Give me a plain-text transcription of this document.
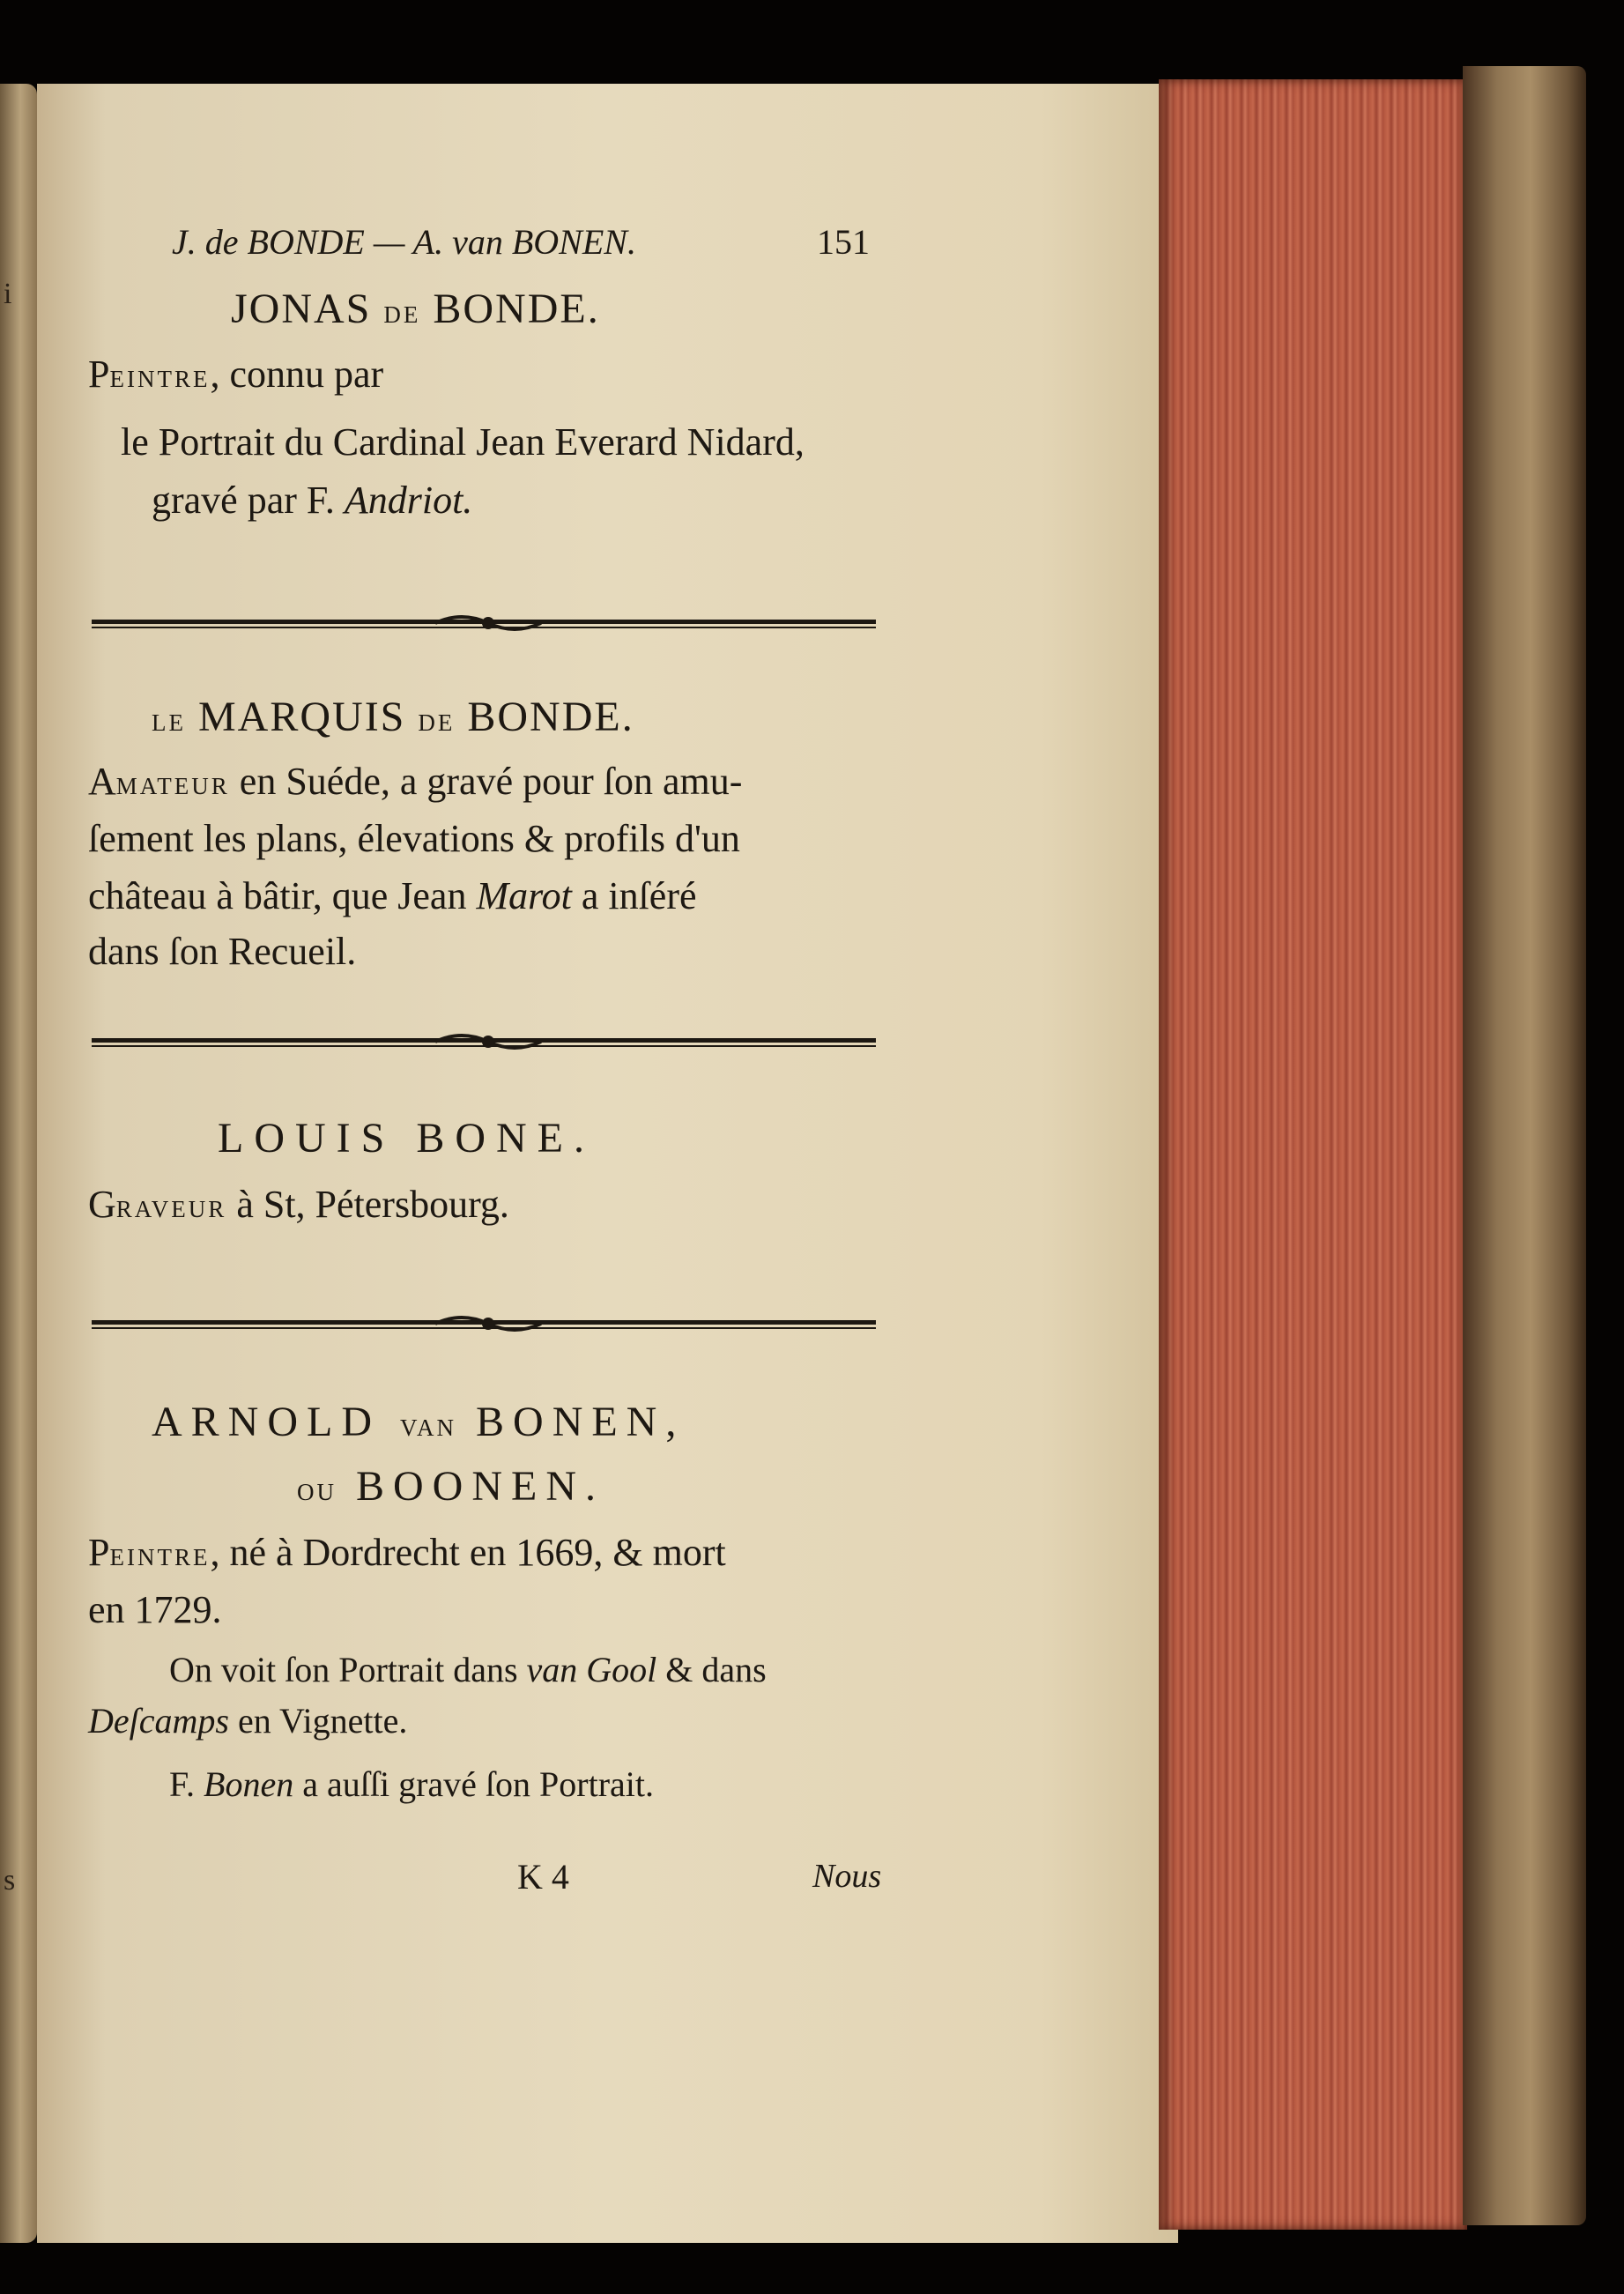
i
s
J. de BONDE — A. van BONEN.	151
JONAS DE BONDE.
PEINTRE, connu par
le Portrait du Cardinal Jean Everard Nidard,
gravé par F. Andriot.
LE MARQUIS DE BONDE.
AMATEUR en Suéde, a gravé pour ſon amu-
ſement les plans, élevations & profils d'un
château à bâtir, que Jean Marot a inſéré
dans ſon Recueil.
LOUIS BONE.
GRAVEUR à St, Pétersbourg.
ARNOLD VAN BONEN,
OU BOONEN.
PEINTRE, né à Dordrecht en 1669, & mort
en 1729.
On voit ſon Portrait dans van Gool & dans
Deſcamps en Vignette.
F. Bonen a auſſi gravé ſon Portrait.
K 4	Nous
